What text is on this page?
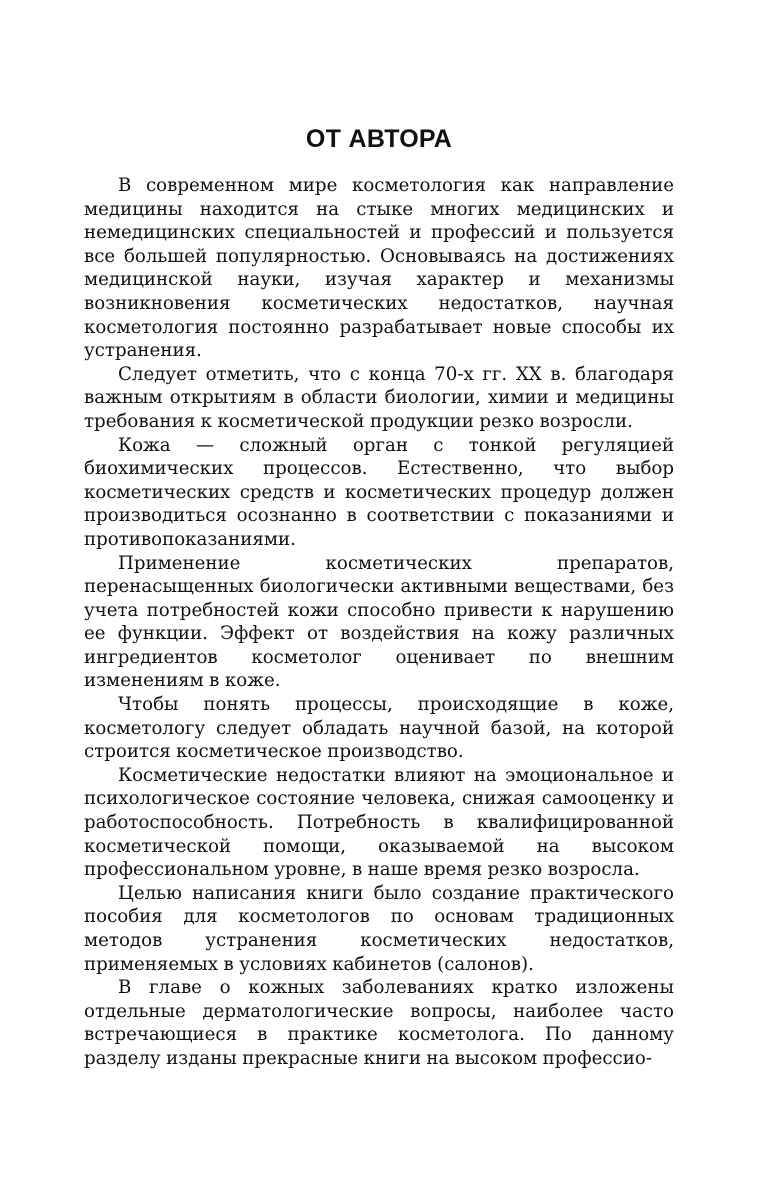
ОТ АВТОРА

В современном мире косметология как направление медицины находится на стыке многих медицинских и немедицинских специальностей и профессий и пользуется все большей популярностью. Основываясь на достижениях медицинской науки, изучая характер и механизмы возникновения косметических недостатков, научная косметология постоянно разрабатывает новые способы их устранения.

Следует отметить, что с конца 70-х гг. XX в. благодаря важным открытиям в области биологии, химии и медицины требования к косметической продукции резко возросли.

Кожа — сложный орган с тонкой регуляцией биохимических процессов. Естественно, что выбор косметических средств и косметических процедур должен производиться осознанно в соответствии с показаниями и противопоказаниями.

Применение косметических препаратов, перенасыщенных биологически активными веществами, без учета потребностей кожи способно привести к нарушению ее функции. Эффект от воздействия на кожу различных ингредиентов косметолог оценивает по внешним изменениям в коже.

Чтобы понять процессы, происходящие в коже, косметологу следует обладать научной базой, на которой строится косметическое производство.

Косметические недостатки влияют на эмоциональное и психологическое состояние человека, снижая самооценку и работоспособность. Потребность в квалифицированной косметической помощи, оказываемой на высоком профессиональном уровне, в наше время резко возросла.

Целью написания книги было создание практического пособия для косметологов по основам традиционных методов устранения косметических недостатков, применяемых в условиях кабинетов (салонов).

В главе о кожных заболеваниях кратко изложены отдельные дерматологические вопросы, наиболее часто встречающиеся в практике косметолога. По данному разделу изданы прекрасные книги на высоком профессио-
